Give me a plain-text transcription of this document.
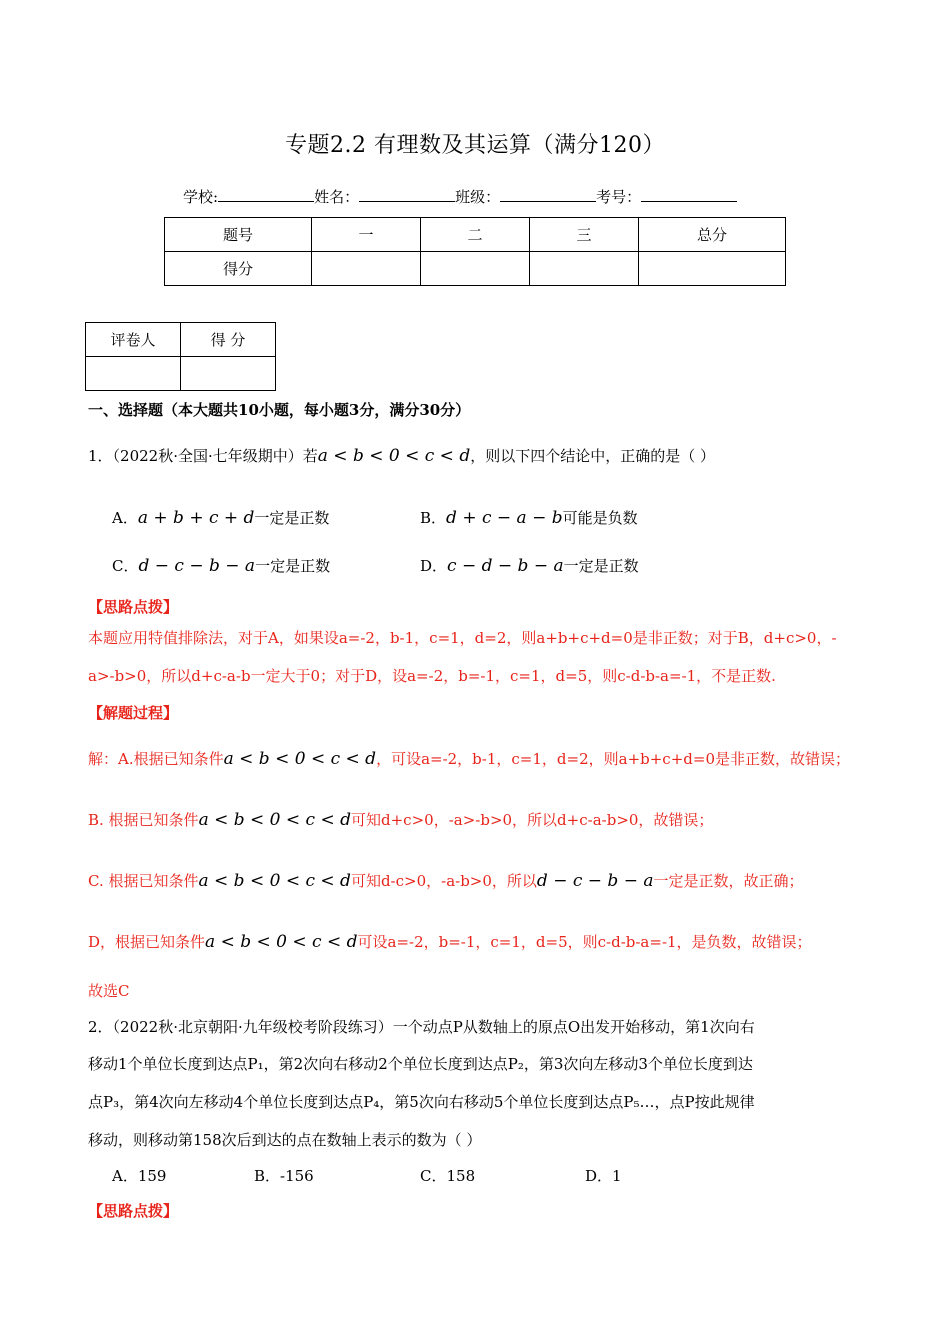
专题2.2 有理数及其运算（满分120）
学校:	姓名：	班级：	考号：
题号	一	二	三	总分
得分				
评卷人	得 分

一、选择题（本大题共10小题，每小题3分，满分30分）
1．（2022秋·全国·七年级期中）若a < b < 0 < c < d，则以下四个结论中，正确的是（ ）
A．a + b + c + d一定是正数	B．d + c − a − b可能是负数
C．d − c − b − a一定是正数	D．c − d − b − a一定是正数
【思路点拨】
本题应用特值排除法，对于A，如果设a=-2，b-1，c=1，d=2，则a+b+c+d=0是非正数；对于B，d+c>0，-
a>-b>0，所以d+c-a-b一定大于0；对于D，设a=-2，b=-1，c=1，d=5，则c-d-b-a=-1，不是正数.
【解题过程】
解：A.根据已知条件a < b < 0 < c < d，可设a=-2，b-1，c=1，d=2，则a+b+c+d=0是非正数，故错误；
B. 根据已知条件a < b < 0 < c < d可知d+c>0，-a>-b>0，所以d+c-a-b>0，故错误；
C. 根据已知条件a < b < 0 < c < d可知d-c>0，-a-b>0，所以d − c − b − a一定是正数，故正确；
D，根据已知条件a < b < 0 < c < d可设a=-2，b=-1，c=1，d=5，则c-d-b-a=-1，是负数，故错误；
故选C
2．（2022秋·北京朝阳·九年级校考阶段练习）一个动点P从数轴上的原点O出发开始移动，第1次向右
移动1个单位长度到达点P₁，第2次向右移动2个单位长度到达点P₂，第3次向左移动3个单位长度到达
点P₃，第4次向左移动4个单位长度到达点P₄，第5次向右移动5个单位长度到达点P₅…，点P按此规律
移动，则移动第158次后到达的点在数轴上表示的数为（ ）
A．159	B．-156	C．158	D．1
【思路点拨】
